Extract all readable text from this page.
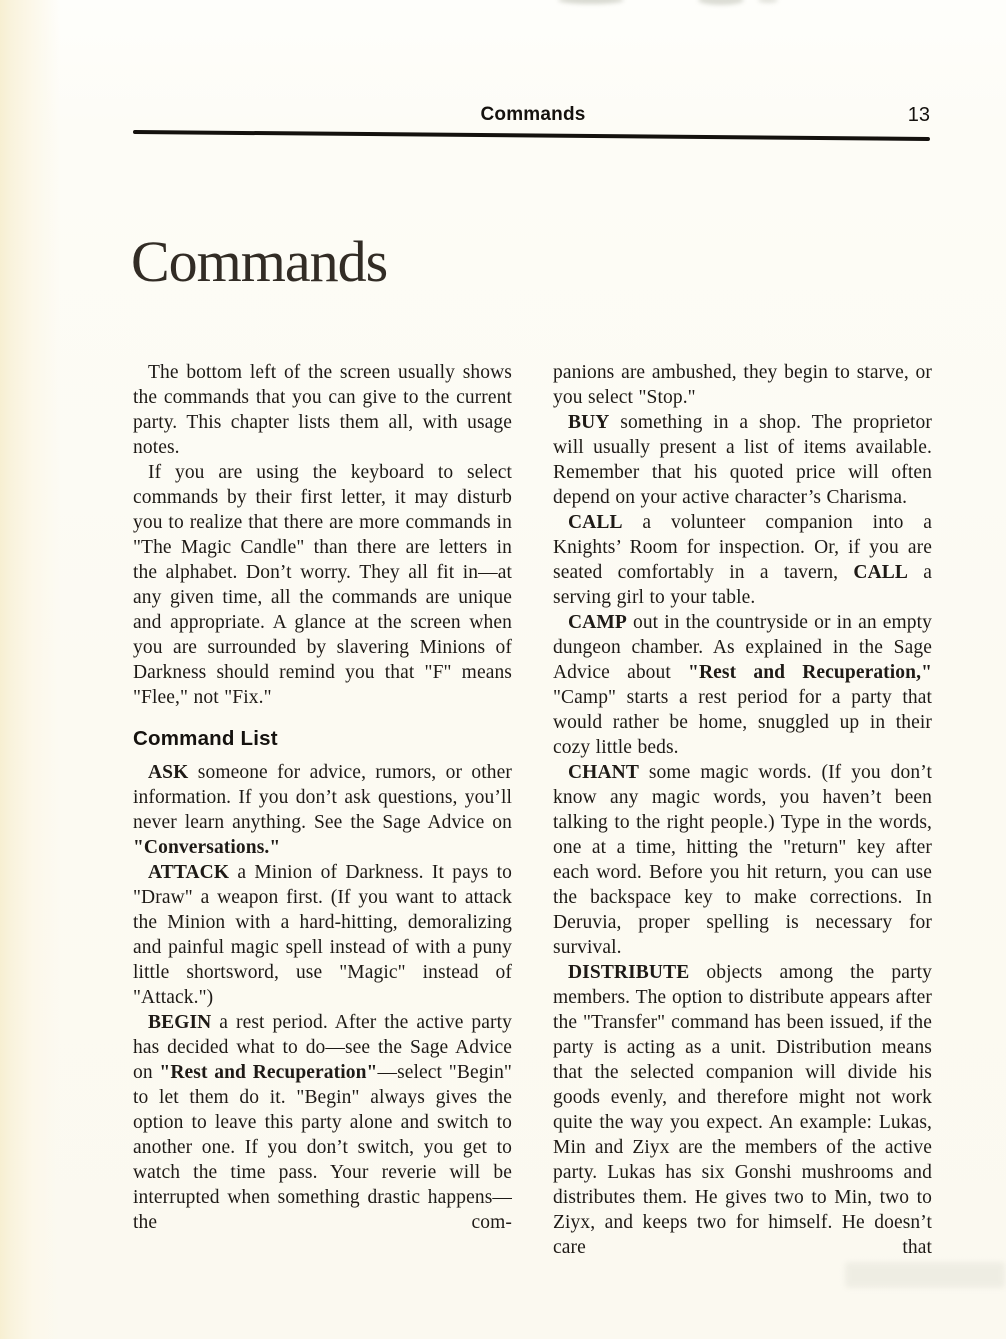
Commands	13
Commands

The bottom left of the screen usually shows the commands that you can give to the current party. This chapter lists them all, with usage notes.

If you are using the keyboard to select commands by their first letter, it may disturb you to realize that there are more commands in "The Magic Candle" than there are letters in the alphabet. Don’t worry. They all fit in—at any given time, all the commands are unique and appropriate. A glance at the screen when you are surrounded by slavering Minions of Darkness should remind you that "F" means "Flee," not "Fix."

Command List

ASK someone for advice, rumors, or other information. If you don’t ask questions, you’ll never learn anything. See the Sage Advice on "Conversations."

ATTACK a Minion of Darkness. It pays to "Draw" a weapon first. (If you want to attack the Minion with a hard-hitting, demoralizing and painful magic spell instead of with a puny little shortsword, use "Magic" instead of "Attack.")

BEGIN a rest period. After the active party has decided what to do—see the Sage Advice on "Rest and Recuperation"—select "Begin" to let them do it. "Begin" always gives the option to leave this party alone and switch to another one. If you don’t switch, you get to watch the time pass. Your reverie will be interrupted when something drastic happens—the com-

panions are ambushed, they begin to starve, or you select "Stop."

BUY something in a shop. The proprietor will usually present a list of items available. Remember that his quoted price will often depend on your active character’s Charisma.

CALL a volunteer companion into a Knights’ Room for inspection. Or, if you are seated comfortably in a tavern, CALL a serving girl to your table.

CAMP out in the countryside or in an empty dungeon chamber. As explained in the Sage Advice about "Rest and Recuperation," "Camp" starts a rest period for a party that would rather be home, snuggled up in their cozy little beds.

CHANT some magic words. (If you don’t know any magic words, you haven’t been talking to the right people.) Type in the words, one at a time, hitting the "return" key after each word. Before you hit return, you can use the backspace key to make corrections. In Deruvia, proper spelling is necessary for survival.

DISTRIBUTE objects among the party members. The option to distribute appears after the "Transfer" command has been issued, if the party is acting as a unit. Distribution means that the selected companion will divide his goods evenly, and therefore might not work quite the way you expect. An example: Lukas, Min and Ziyx are the members of the active party. Lukas has six Gonshi mushrooms and distributes them. He gives two to Min, two to Ziyx, and keeps two for himself. He doesn’t care that
